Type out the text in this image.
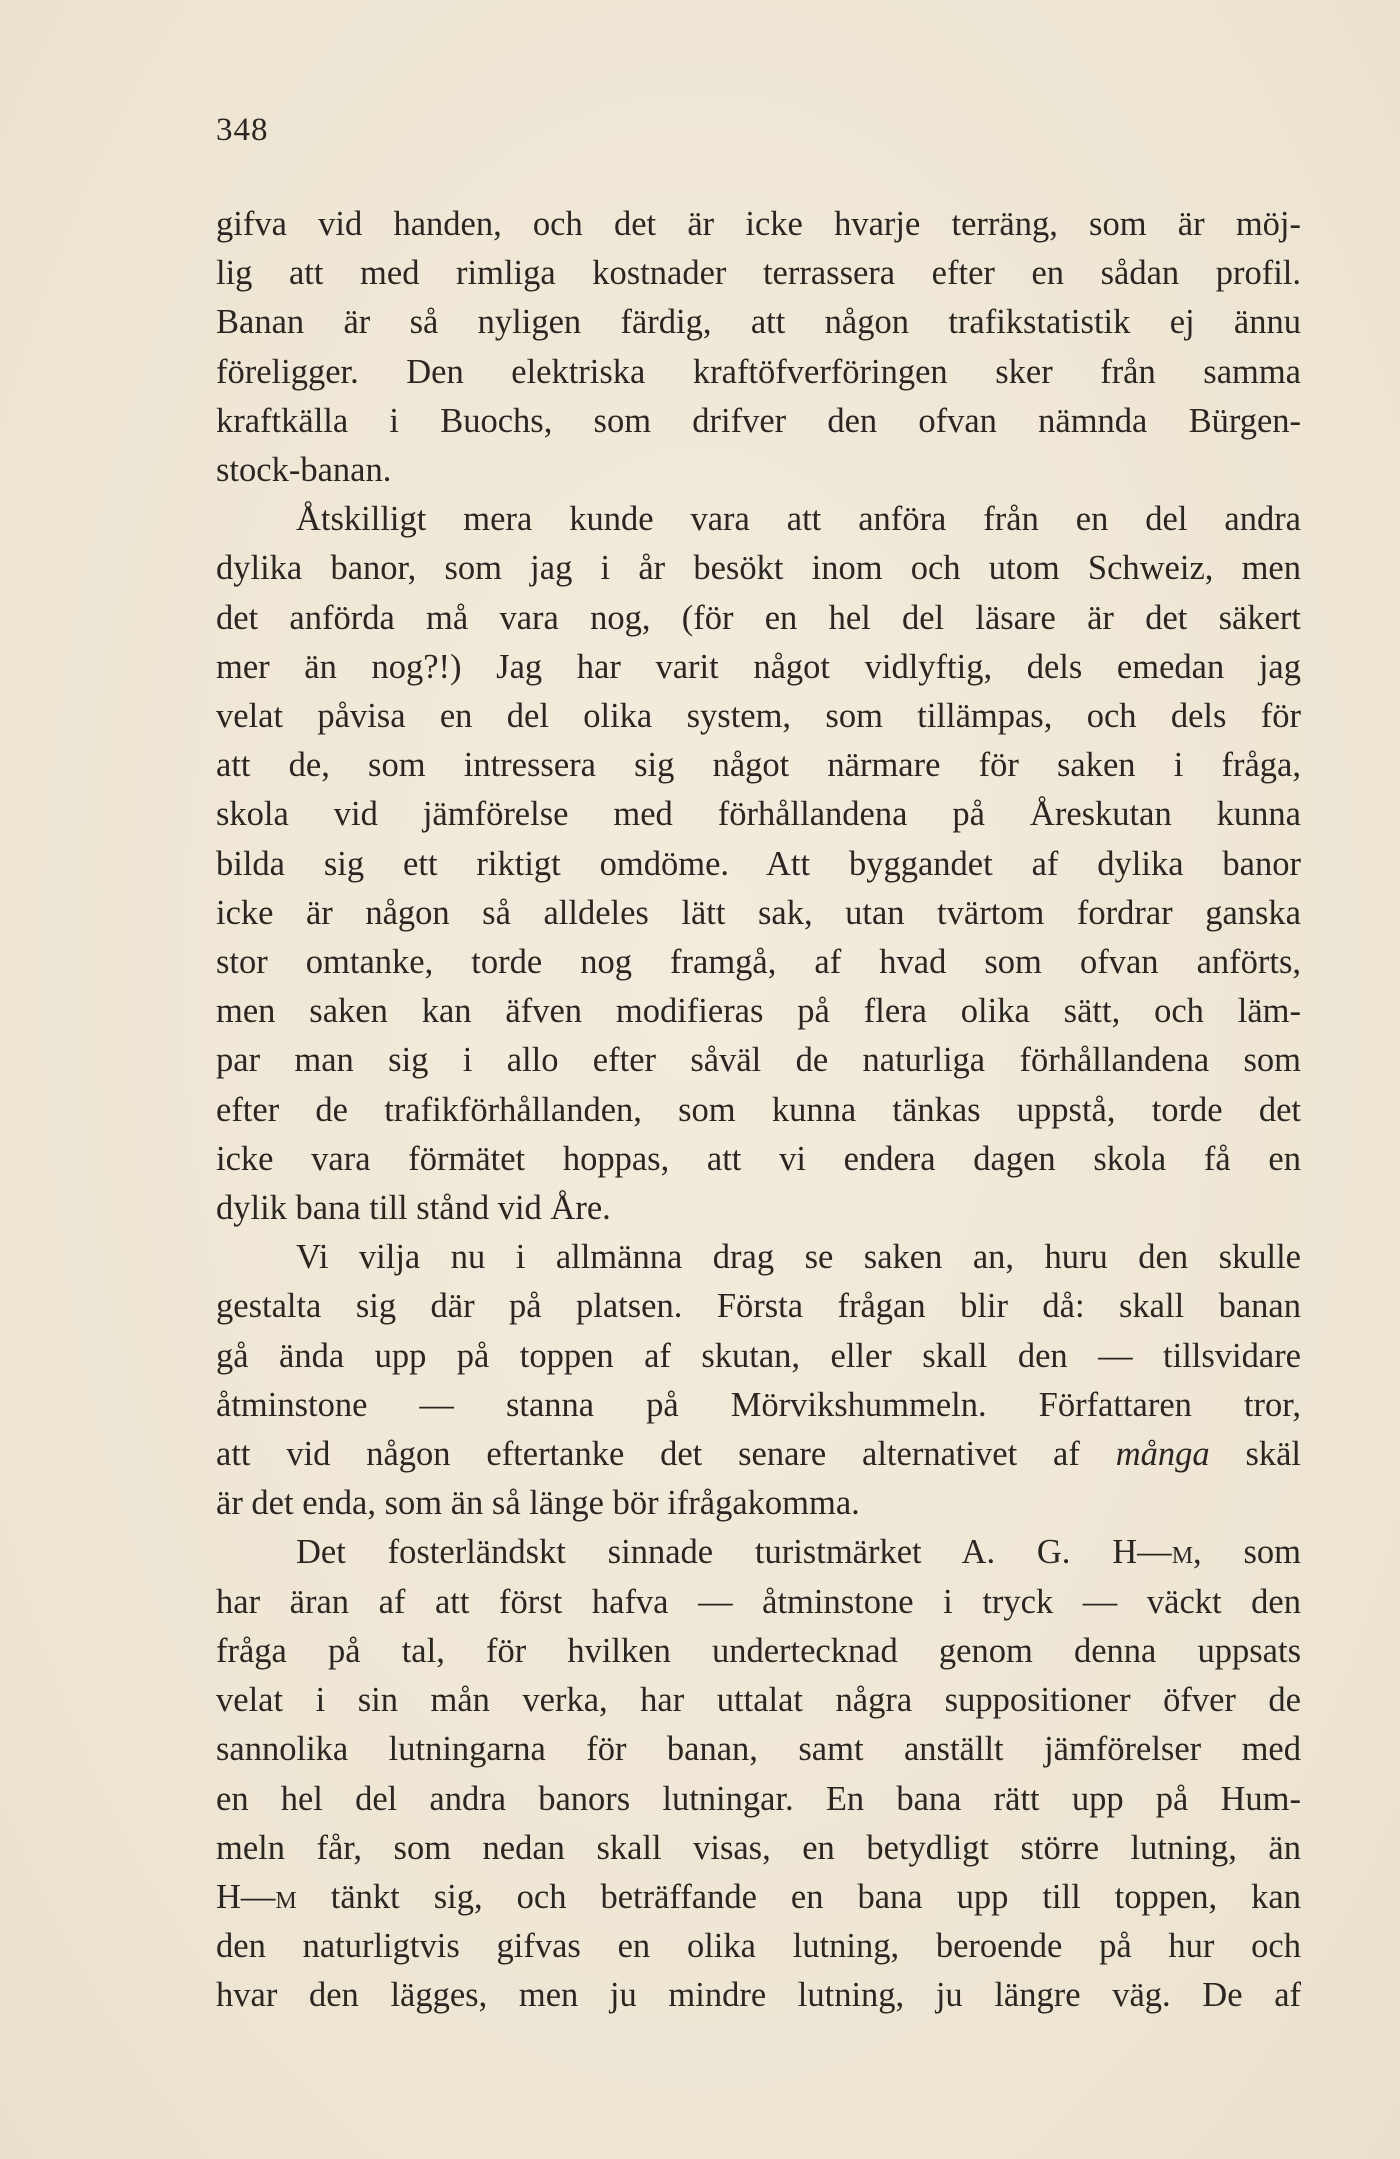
348

gifva vid handen, och det är icke hvarje terräng, som är möj-
lig att med rimliga kostnader terrassera efter en sådan profil.
Banan är så nyligen färdig, att någon trafikstatistik ej ännu
föreligger. Den elektriska kraftöfverföringen sker från samma
kraftkälla i Buochs, som drifver den ofvan nämnda Bürgen-
stock-banan.

Åtskilligt mera kunde vara att anföra från en del andra
dylika banor, som jag i år besökt inom och utom Schweiz, men
det anförda må vara nog, (för en hel del läsare är det säkert
mer än nog?!) Jag har varit något vidlyftig, dels emedan jag
velat påvisa en del olika system, som tillämpas, och dels för
att de, som intressera sig något närmare för saken i fråga,
skola vid jämförelse med förhållandena på Åreskutan kunna
bilda sig ett riktigt omdöme. Att byggandet af dylika banor
icke är någon så alldeles lätt sak, utan tvärtom fordrar ganska
stor omtanke, torde nog framgå, af hvad som ofvan anförts,
men saken kan äfven modifieras på flera olika sätt, och läm-
par man sig i allo efter såväl de naturliga förhållandena som
efter de trafikförhållanden, som kunna tänkas uppstå, torde det
icke vara förmätet hoppas, att vi endera dagen skola få en
dylik bana till stånd vid Åre.

Vi vilja nu i allmänna drag se saken an, huru den skulle
gestalta sig där på platsen. Första frågan blir då: skall banan
gå ända upp på toppen af skutan, eller skall den — tillsvidare
åtminstone — stanna på Mörvikshummeln. Författaren tror,
att vid någon eftertanke det senare alternativet af många skäl
är det enda, som än så länge bör ifrågakomma.

Det fosterländskt sinnade turistmärket A. G. H—m, som
har äran af att först hafva — åtminstone i tryck — väckt den
fråga på tal, för hvilken undertecknad genom denna uppsats
velat i sin mån verka, har uttalat några suppositioner öfver de
sannolika lutningarna för banan, samt anställt jämförelser med
en hel del andra banors lutningar. En bana rätt upp på Hum-
meln får, som nedan skall visas, en betydligt större lutning, än
H—m tänkt sig, och beträffande en bana upp till toppen, kan
den naturligtvis gifvas en olika lutning, beroende på hur och
hvar den lägges, men ju mindre lutning, ju längre väg. De af
